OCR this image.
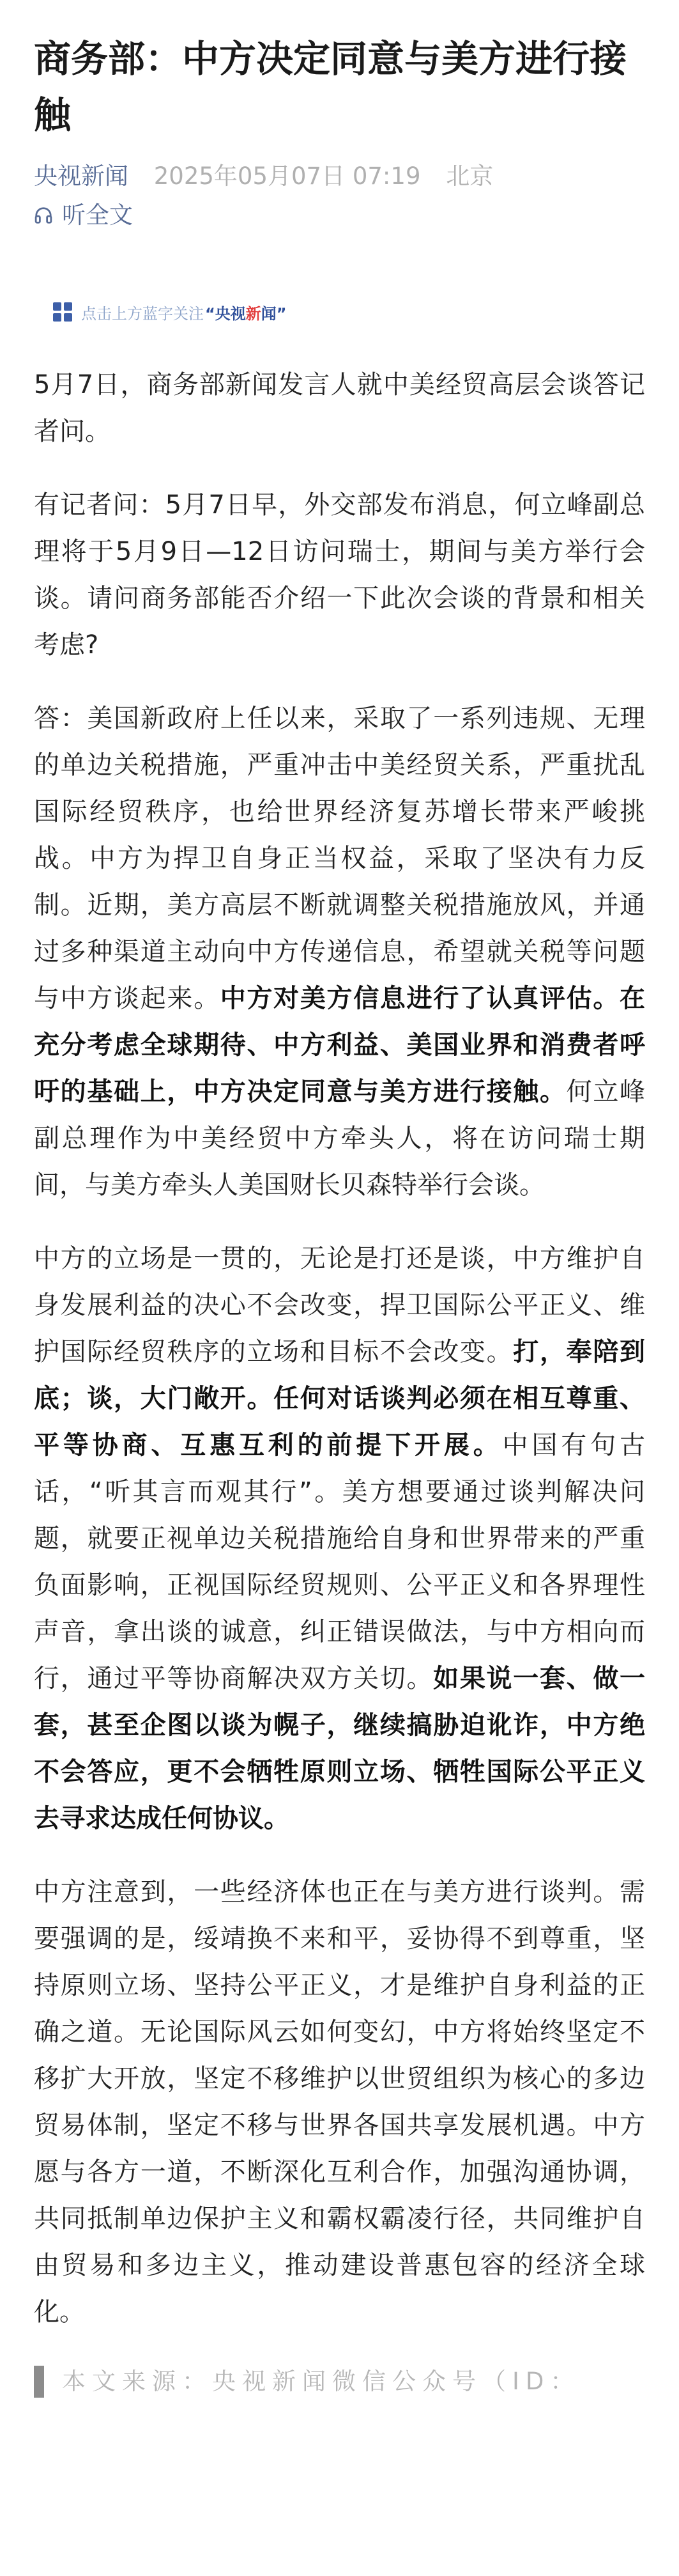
商务部：中方决定同意与美方进行接触
央视新闻 2025年05月07日 07:19 北京
听全文
点击上方蓝字关注 “央视新闻”

5月7日，商务部新闻发言人就中美经贸高层会谈答记者问。

有记者问：5月7日早，外交部发布消息，何立峰副总理将于5月9日—12日访问瑞士，期间与美方举行会谈。请问商务部能否介绍一下此次会谈的背景和相关考虑?

答：美国新政府上任以来，采取了一系列违规、无理的单边关税措施，严重冲击中美经贸关系，严重扰乱国际经贸秩序，也给世界经济复苏增长带来严峻挑战。中方为捍卫自身正当权益，采取了坚决有力反制。近期，美方高层不断就调整关税措施放风，并通过多种渠道主动向中方传递信息，希望就关税等问题与中方谈起来。中方对美方信息进行了认真评估。在充分考虑全球期待、中方利益、美国业界和消费者呼吁的基础上，中方决定同意与美方进行接触。何立峰副总理作为中美经贸中方牵头人，将在访问瑞士期间，与美方牵头人美国财长贝森特举行会谈。

中方的立场是一贯的，无论是打还是谈，中方维护自身发展利益的决心不会改变，捍卫国际公平正义、维护国际经贸秩序的立场和目标不会改变。打，奉陪到底；谈，大门敞开。任何对话谈判必须在相互尊重、平等协商、互惠互利的前提下开展。中国有句古话，“听其言而观其行”。美方想要通过谈判解决问题，就要正视单边关税措施给自身和世界带来的严重负面影响，正视国际经贸规则、公平正义和各界理性声音，拿出谈的诚意，纠正错误做法，与中方相向而行，通过平等协商解决双方关切。如果说一套、做一套，甚至企图以谈为幌子，继续搞胁迫讹诈，中方绝不会答应，更不会牺牲原则立场、牺牲国际公平正义去寻求达成任何协议。

中方注意到，一些经济体也正在与美方进行谈判。需要强调的是，绥靖换不来和平，妥协得不到尊重，坚持原则立场、坚持公平正义，才是维护自身利益的正确之道。无论国际风云如何变幻，中方将始终坚定不移扩大开放，坚定不移维护以世贸组织为核心的多边贸易体制，坚定不移与世界各国共享发展机遇。中方愿与各方一道，不断深化互利合作，加强沟通协调，共同抵制单边保护主义和霸权霸凌行径，共同维护自由贸易和多边主义，推动建设普惠包容的经济全球化。

本文来源：央视新闻微信公众号（ID：
